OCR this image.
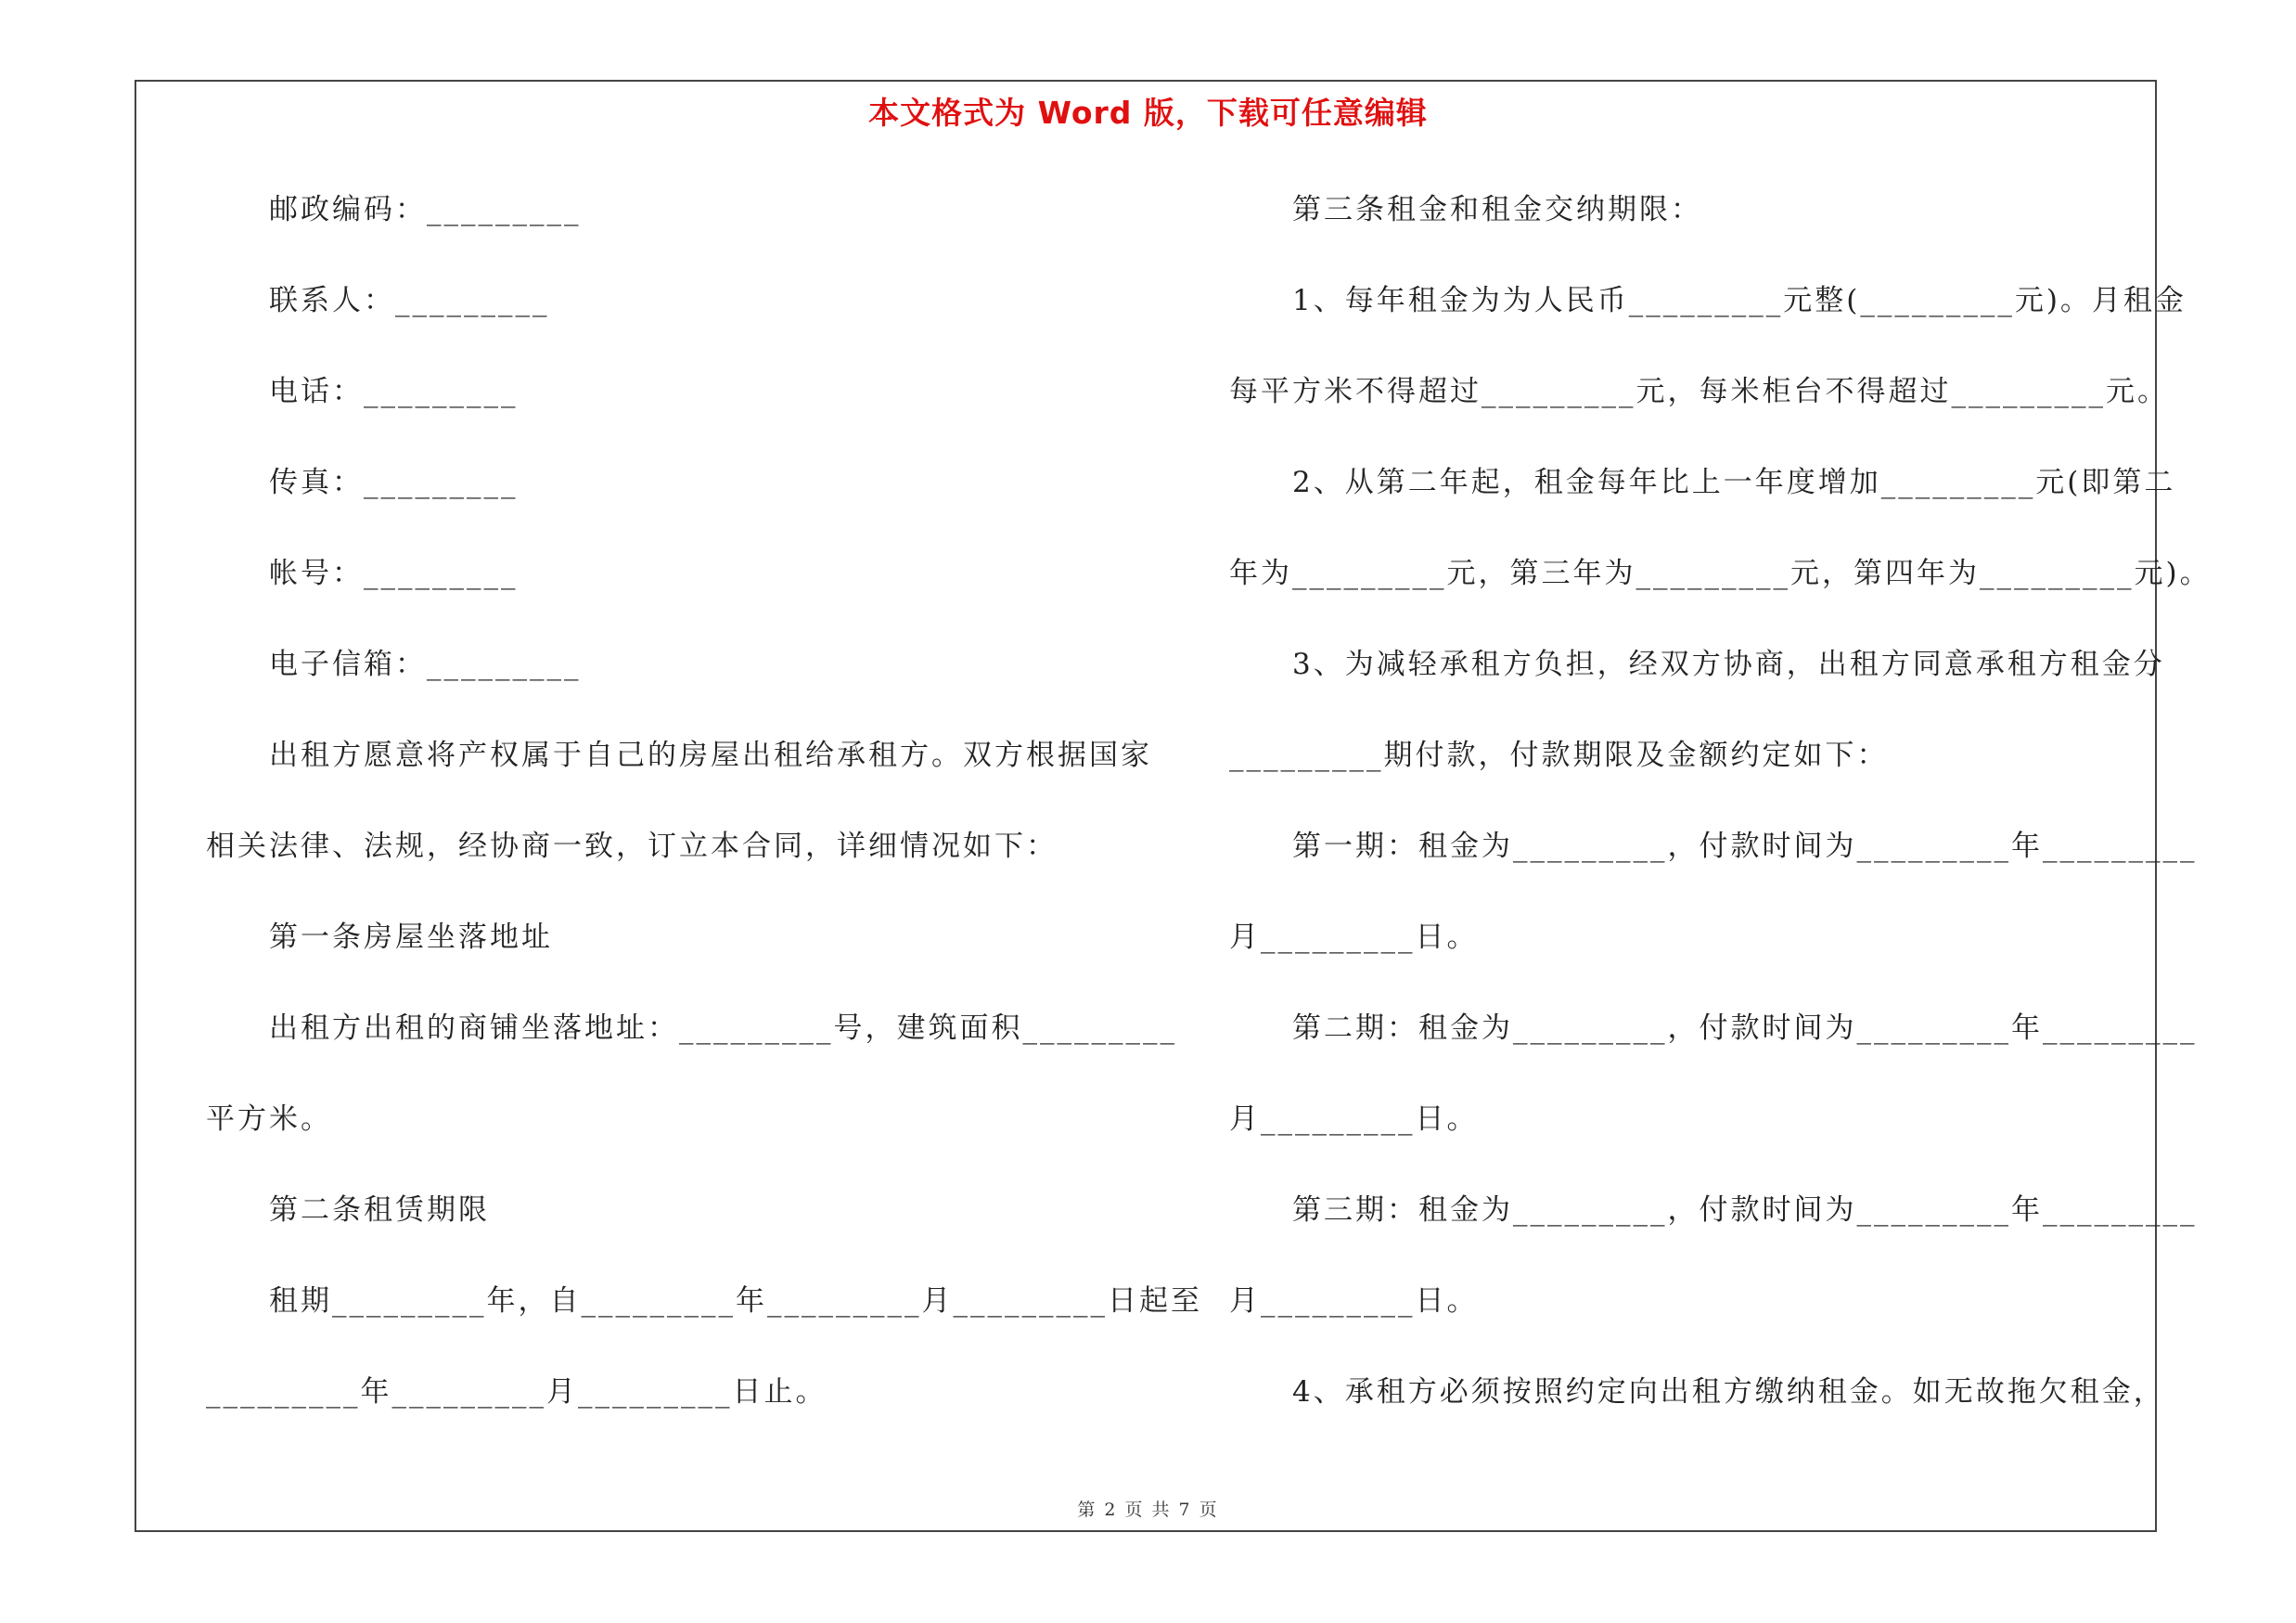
本文格式为 Word 版，下载可任意编辑
邮政编码：_________
联系人：_________
电话：_________
传真：_________
帐号：_________
电子信箱：_________
出租方愿意将产权属于自己的房屋出租给承租方。双方根据国家
相关法律、法规，经协商一致，订立本合同，详细情况如下：
第一条房屋坐落地址
出租方出租的商铺坐落地址：_________号，建筑面积_________
平方米。
第二条租赁期限
租期_________年，自_________年_________月_________日起至
_________年_________月_________日止。
第三条租金和租金交纳期限：
1、每年租金为为人民币_________元整(_________元)。月租金
每平方米不得超过_________元，每米柜台不得超过_________元。
2、从第二年起，租金每年比上一年度增加_________元(即第二
年为_________元，第三年为_________元，第四年为_________元)。
3、为减轻承租方负担，经双方协商，出租方同意承租方租金分
_________期付款，付款期限及金额约定如下：
第一期：租金为_________，付款时间为_________年_________
月_________日。
第二期：租金为_________，付款时间为_________年_________
月_________日。
第三期：租金为_________，付款时间为_________年_________
月_________日。
4、承租方必须按照约定向出租方缴纳租金。如无故拖欠租金，
第 2 页 共 7 页
